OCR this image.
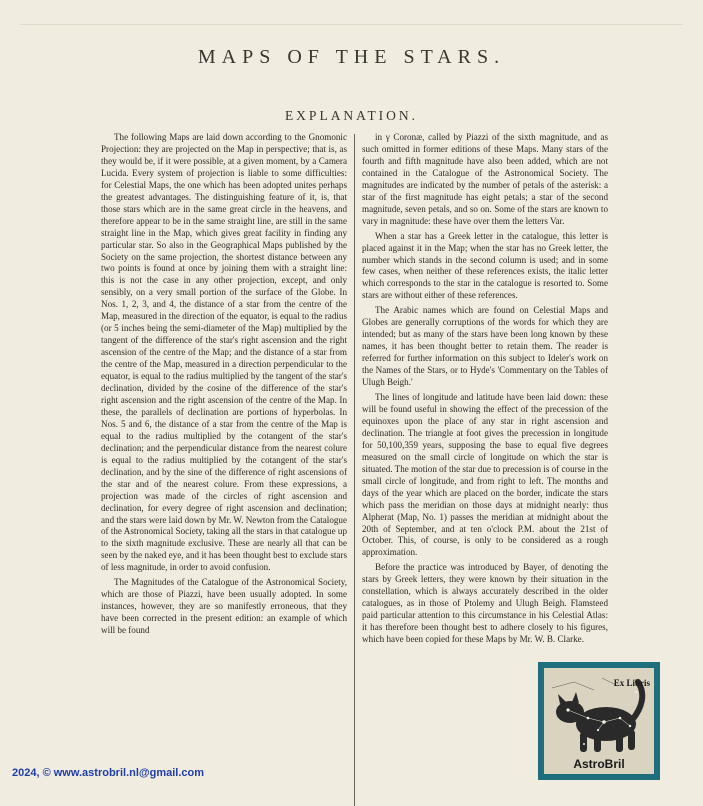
MAPS OF THE STARS.
EXPLANATION.

The following Maps are laid down according to the Gnomonic Projection: they are projected on the Map in perspective; that is, as they would be, if it were possible, at a given moment, by a Camera Lucida. Every system of projection is liable to some difficulties: for Celestial Maps, the one which has been adopted unites perhaps the greatest advantages. The distinguishing feature of it, is, that those stars which are in the same great circle in the heavens, and therefore appear to be in the same straight line, are still in the same straight line in the Map, which gives great facility in finding any particular star. So also in the Geographical Maps published by the Society on the same projection, the shortest distance between any two points is found at once by joining them with a straight line: this is not the case in any other projection, except, and only sensibly, on a very small portion of the surface of the Globe. In Nos. 1, 2, 3, and 4, the distance of a star from the centre of the Map, measured in the direction of the equator, is equal to the radius (or 5 inches being the semi-diameter of the Map) multiplied by the tangent of the difference of the star's right ascension and the right ascension of the centre of the Map; and the distance of a star from the centre of the Map, measured in a direction perpendicular to the equator, is equal to the radius multiplied by the tangent of the star's declination, divided by the cosine of the difference of the star's right ascension and the right ascension of the centre of the Map. In these, the parallels of declination are portions of hyperbolas. In Nos. 5 and 6, the distance of a star from the centre of the Map is equal to the radius multiplied by the cotangent of the star's declination; and the perpendicular distance from the nearest colure is equal to the radius multiplied by the cotangent of the star's declination, and by the sine of the difference of right ascensions of the star and of the nearest colure. From these expressions, a projection was made of the circles of right ascension and declination, for every degree of right ascension and declination; and the stars were laid down by Mr. W. Newton from the Catalogue of the Astronomical Society, taking all the stars in that catalogue up to the sixth magnitude exclusive. These are nearly all that can be seen by the naked eye, and it has been thought best to exclude stars of less magnitude, in order to avoid confusion.

The Magnitudes of the Catalogue of the Astronomical Society, which are those of Piazzi, have been usually adopted. In some instances, however, they are so manifestly erroneous, that they have been corrected in the present edition: an example of which will be found

in γ Coronæ, called by Piazzi of the sixth magnitude, and as such omitted in former editions of these Maps. Many stars of the fourth and fifth magnitude have also been added, which are not contained in the Catalogue of the Astronomical Society. The magnitudes are indicated by the number of petals of the asterisk: a star of the first magnitude has eight petals; a star of the second magnitude, seven petals, and so on. Some of the stars are known to vary in magnitude: these have over them the letters Var.

When a star has a Greek letter in the catalogue, this letter is placed against it in the Map; when the star has no Greek letter, the number which stands in the second column is used; and in some few cases, when neither of these references exists, the italic letter which corresponds to the star in the catalogue is resorted to. Some stars are without either of these references.

The Arabic names which are found on Celestial Maps and Globes are generally corruptions of the words for which they are intended; but as many of the stars have been long known by these names, it has been thought better to retain them. The reader is referred for further information on this subject to Ideler's work on the Names of the Stars, or to Hyde's 'Commentary on the Tables of Ulugh Beigh.'

The lines of longitude and latitude have been laid down: these will be found useful in showing the effect of the precession of the equinoxes upon the place of any star in right ascension and declination. The triangle at foot gives the precession in longitude for 50,100,359 years, supposing the base to equal five degrees measured on the small circle of longitude on which the star is situated. The motion of the star due to precession is of course in the small circle of longitude, and from right to left. The months and days of the year which are placed on the border, indicate the stars which pass the meridian on those days at midnight nearly: thus Alpherat (Map, No. 1) passes the meridian at midnight about the 20th of September, and at ten o'clock P.M. about the 21st of October. This, of course, is only to be considered as a rough approximation.

Before the practice was introduced by Bayer, of denoting the stars by Greek letters, they were known by their situation in the constellation, which is always accurately described in the older catalogues, as in those of Ptolemy and Ulugh Beigh. Flamsteed paid particular attention to this circumstance in his Celestial Atlas: it has therefore been thought best to adhere closely to his figures, which have been copied for these Maps by Mr. W. B. Clarke.

Ex Libris
AstroBril
2024, © www.astrobril.nl@gmail.com
